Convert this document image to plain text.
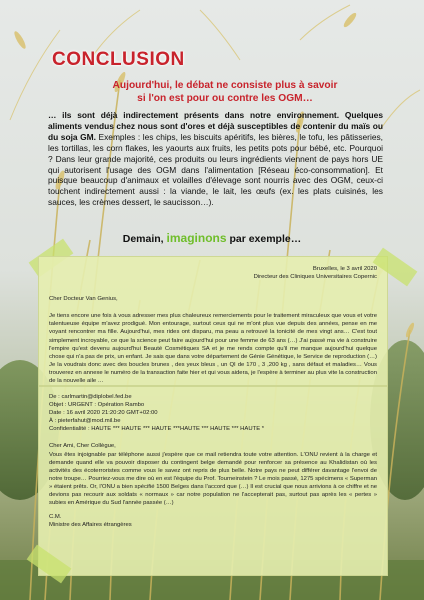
CONCLUSION
Aujourd'hui, le débat ne consiste plus à savoir
si l'on est pour ou contre les OGM…

… ils sont déjà indirectement présents dans notre environnement. Quelques aliments vendus chez nous sont d'ores et déjà susceptibles de contenir du maïs ou du soja GM. Exemples : les chips, les biscuits apéritifs, les bières, le tofu, les pâtisseries, les tortillas, les corn flakes, les yaourts aux fruits, les petits pots pour bébé, etc. Pourquoi ? Dans leur grande majorité, ces produits ou leurs ingrédients viennent de pays hors UE qui autorisent l'usage des OGM dans l'alimentation [Réseau éco-consommation]. Et puisque beaucoup d'animaux et volailles d'élevage sont nourris avec des OGM, ceux-ci touchent indirectement aussi : la viande, le lait, les œufs (ex. les plats cuisinés, les sauces, les crèmes dessert, le saucisson…).

Demain, imaginons par exemple…

Bruxelles, le 3 avril 2020
Directeur des Cliniques Universitaires Copernic
Cher Docteur Van Genius,
Je tiens encore une fois à vous adresser mes plus chaleureux remerciements pour le traitement miraculeux que vous et votre talentueuse équipe m'avez prodigué. Mon entourage, surtout ceux qui ne m'ont plus vue depuis des années, pense en me voyant rencontrer ma fille. Aujourd'hui, mes rides ont disparu, ma peau a retrouvé la tonicité de mes vingt ans… C'est tout simplement incroyable, ce que la science peut faire aujourd'hui pour une femme de 63 ans (…) J'ai passé ma vie à construire l'empire qu'est devenu aujourd'hui Beauté Cosmétiques SA et je me rends compte qu'il me manque aujourd'hui quelque chose qui n'a pas de prix, un enfant. Je sais que dans votre département de Génie Génétique, le Service de reproduction (…) Je la voudrais donc avec des boucles brunes , des yeux bleus , un QI de 170 , 3 ,200 kg , sans défaut et maladies… Vous trouverez en annexe le numéro de la transaction faite hier et qui vous aidera, je l'espère à terminer au plus vite la construction de la nouvelle aile …
De : carlmartin@diplobel.fed.be
Objet : URGENT : Opération Rambo
Date : 16 avril 2020 21:20:20 GMT+02:00
À : pieterfahut@mod.mil.be
Confidentialité : HAUTE *** HAUTE *** HAUTE ***HAUTE *** HAUTE *** HAUTE *
Cher Ami, Cher Collègue,
Vous êtes injoignable par téléphone aussi j'espère que ce mail retiendra toute votre attention. L'ONU revient à la charge et demande quand elle va pouvoir disposer du contingent belge demandé pour renforcer sa présence au Khalidistan où les activités des écoterroristes comme vous le savez ont repris de plus belle. Notre pays ne peut différer davantage l'envoi de notre troupe… Pourriez-vous me dire où en est l'équipe du Prof. Tourneinstein ? Le mois passé, 1275 spécimens « Superman » étaient prêts. Or, l'ONU a bien spécifié 1500 Belges dans l'accord que (…) Il est crucial que nous arrivions à ce chiffre et ne devions pas recourir aux soldats « normaux » car notre population ne l'accepterait pas, surtout pas après les « pertes » subies en Amérique du Sud l'année passée (…)
C.M.
Ministre des Affaires étrangères
